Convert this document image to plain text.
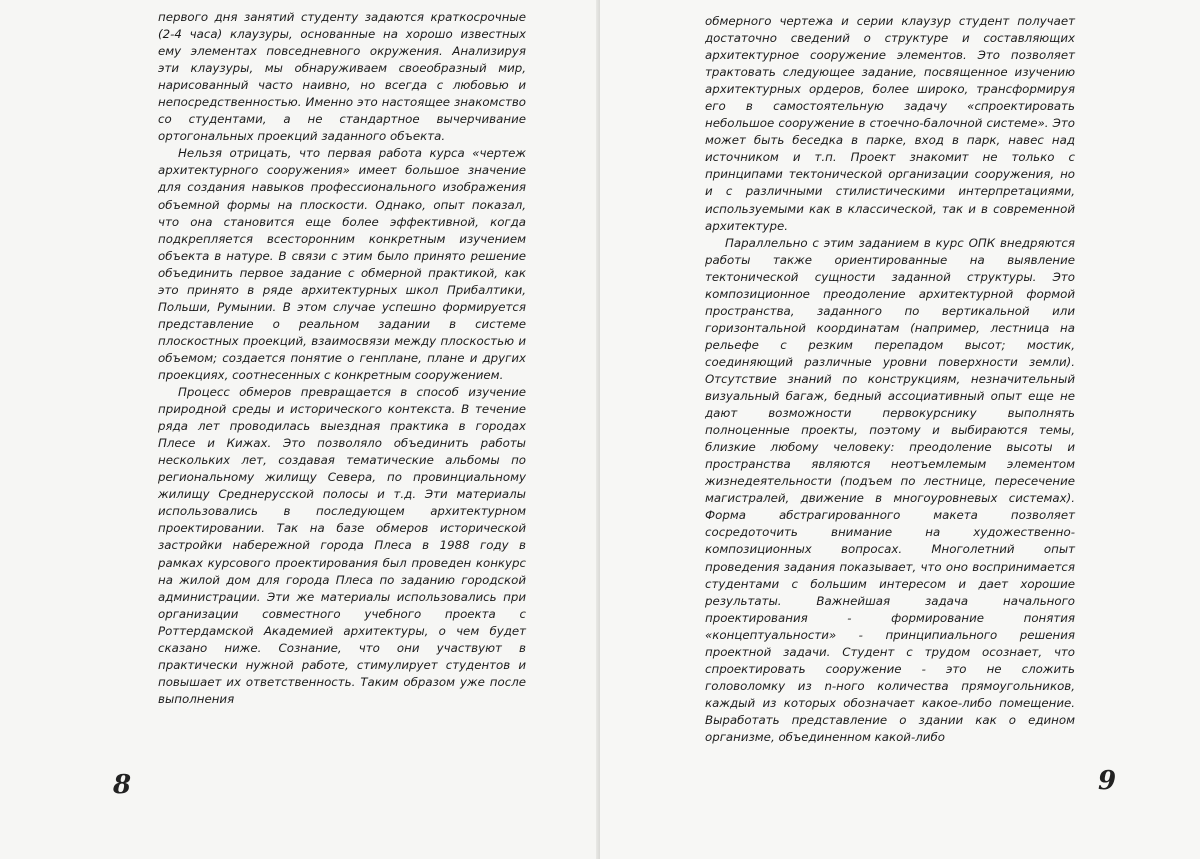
первого дня занятий студенту задаются краткосрочные (2-4 часа) клаузуры, основанные на хорошо известных ему элементах повседневного окружения. Анализируя эти клаузуры, мы обнаруживаем своеобразный мир, нарисованный часто наивно, но всегда с любовью и непосредственностью. Именно это настоящее знакомство со студентами, а не стандартное вычерчивание ортогональных проекций заданного объекта.

Нельзя отрицать, что первая работа курса «чертеж архитектурного сооружения» имеет большое значение для создания навыков профессионального изображения объемной формы на плоскости. Однако, опыт показал, что она становится еще более эффективной, когда подкрепляется всесторонним конкретным изучением объекта в натуре. В связи с этим было принято решение объединить первое задание с обмерной практикой, как это принято в ряде архитектурных школ Прибалтики, Польши, Румынии. В этом случае успешно формируется представление о реальном задании в системе плоскостных проекций, взаимосвязи между плоскостью и объемом; создается понятие о генплане, плане и других проекциях, соотнесенных с конкретным сооружением.

Процесс обмеров превращается в способ изучение природной среды и исторического контекста. В течение ряда лет проводилась выездная практика в городах Плесе и Кижах. Это позволяло объединить работы нескольких лет, создавая тематические альбомы по региональному жилищу Севера, по провинциальному жилищу Среднерусской полосы и т.д. Эти материалы использовались в последующем архитектурном проектировании. Так на базе обмеров исторической застройки набережной города Плеса в 1988 году в рамках курсового проектирования был проведен конкурс на жилой дом для города Плеса по заданию городской администрации. Эти же материалы использовались при организации совместного учебного проекта с Роттердамской Академией архитектуры, о чем будет сказано ниже. Сознание, что они участвуют в практически нужной работе, стимулирует студентов и повышает их ответственность. Таким образом уже после выполнения

8

обмерного чертежа и серии клаузур студент получает достаточно сведений о структуре и составляющих архитектурное сооружение элементов. Это позволяет трактовать следующее задание, посвященное изучению архитектурных ордеров, более широко, трансформируя его в самостоятельную задачу «спроектировать небольшое сооружение в стоечно-балочной системе». Это может быть беседка в парке, вход в парк, навес над источником и т.п. Проект знакомит не только с принципами тектонической организации сооружения, но и с различными стилистическими интерпретациями, используемыми как в классической, так и в современной архитектуре.

Параллельно с этим заданием в курс ОПК внедряются работы также ориентированные на выявление тектонической сущности заданной структуры. Это композиционное преодоление архитектурной формой пространства, заданного по вертикальной или горизонтальной координатам (например, лестница на рельефе с резким перепадом высот; мостик, соединяющий различные уровни поверхности земли). Отсутствие знаний по конструкциям, незначительный визуальный багаж, бедный ассоциативный опыт еще не дают возможности первокурснику выполнять полноценные проекты, поэтому и выбираются темы, близкие любому человеку: преодоление высоты и пространства являются неотъемлемым элементом жизнедеятельности (подъем по лестнице, пересечение магистралей, движение в многоуровневых системах). Форма абстрагированного макета позволяет сосредоточить внимание на художественно-композиционных вопросах. Многолетний опыт проведения задания показывает, что оно воспринимается студентами с большим интересом и дает хорошие результаты. Важнейшая задача начального проектирования - формирование понятия «концептуальности» - принципиального решения проектной задачи. Студент с трудом осознает, что спроектировать сооружение - это не сложить головоломку из n-ного количества прямоугольников, каждый из которых обозначает какое-либо помещение. Выработать представление о здании как о едином организме, объединенном какой-либо

9
